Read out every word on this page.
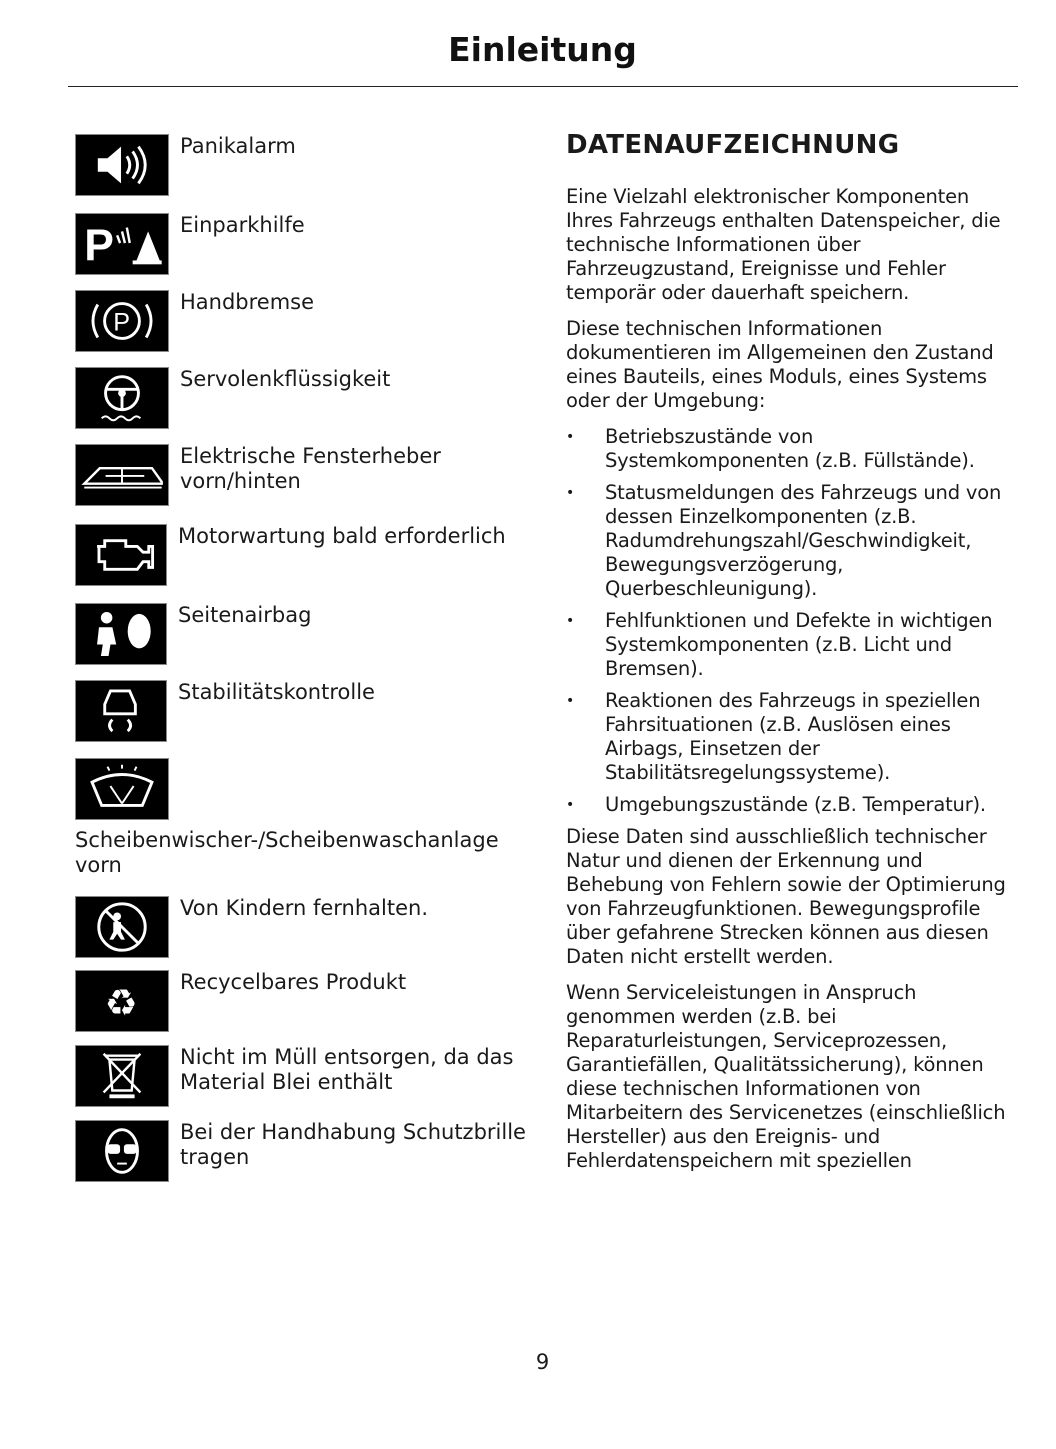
Einleitung
Panikalarm
P	Einparkhilfe
P
Handbremse
Servolenkflüssigkeit
Elektrische Fensterheber vorn/hinten
Motorwartung bald erforderlich
Seitenairbag
Stabilitätskontrolle
Scheibenwischer-/Scheibenwaschanlage vorn
Von Kindern fernhalten.
♻ Recycelbares Produkt
Nicht im Müll entsorgen, da das Material Blei enthält
Bei der Handhabung Schutzbrille tragen
DATENAUFZEICHNUNG

Eine Vielzahl elektronischer Komponenten Ihres Fahrzeugs enthalten Datenspeicher, die technische Informationen über Fahrzeugzustand, Ereignisse und Fehler temporär oder dauerhaft speichern.

Diese technischen Informationen dokumentieren im Allgemeinen den Zustand eines Bauteils, eines Moduls, eines Systems oder der Umgebung:

• Betriebszustände von Systemkomponenten (z.B. Füllstände).
• Statusmeldungen des Fahrzeugs und von dessen Einzelkomponenten (z.B. Radumdrehungszahl/Geschwindigkeit, Bewegungsverzögerung, Querbeschleunigung).
• Fehlfunktionen und Defekte in wichtigen Systemkomponenten (z.B. Licht und Bremsen).
• Reaktionen des Fahrzeugs in speziellen Fahrsituationen (z.B. Auslösen eines Airbags, Einsetzen der Stabilitätsregelungssysteme).
• Umgebungszustände (z.B. Temperatur).

Diese Daten sind ausschließlich technischer Natur und dienen der Erkennung und Behebung von Fehlern sowie der Optimierung von Fahrzeugfunktionen. Bewegungsprofile über gefahrene Strecken können aus diesen Daten nicht erstellt werden.

Wenn Serviceleistungen in Anspruch genommen werden (z.B. bei Reparaturleistungen, Serviceprozessen, Garantiefällen, Qualitätssicherung), können diese technischen Informationen von Mitarbeitern des Servicenetzes (einschließlich Hersteller) aus den Ereignis- und Fehlerdatenspeichern mit speziellen

9
